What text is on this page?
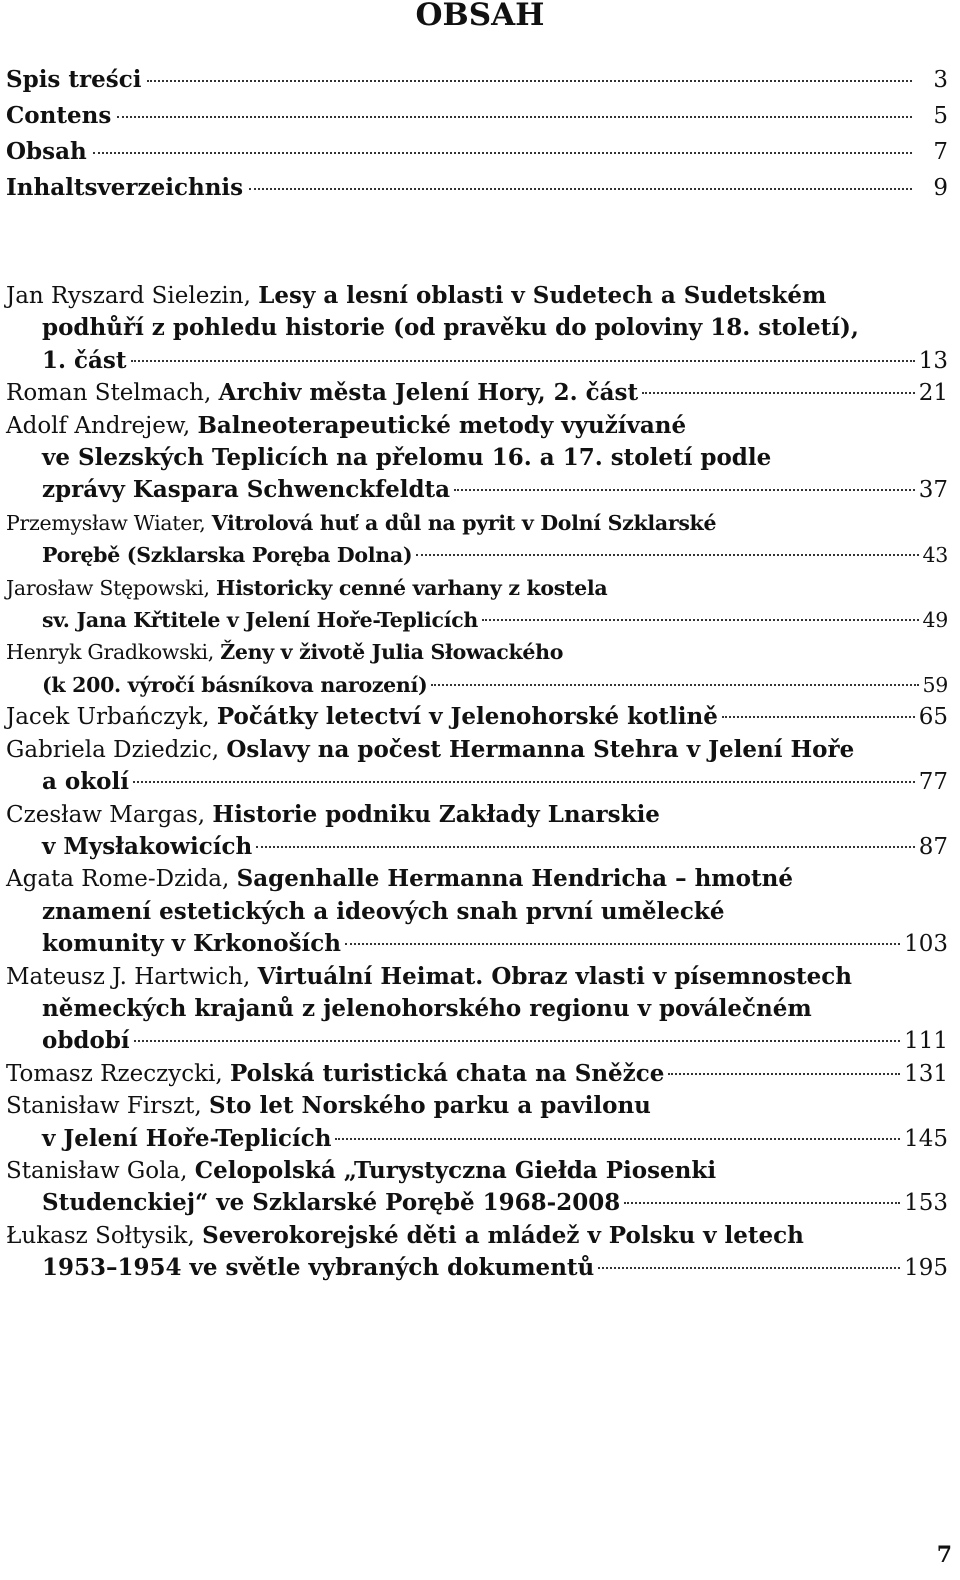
OBSAH
Spis treści	3
Contens	5
Obsah	7
Inhaltsverzeichnis	9
Jan Ryszard Sielezin, Lesy a lesní oblasti v Sudetech a Sudetském
podhůří z pohledu historie (od pravěku do poloviny 18. století),
1. část	13
Roman Stelmach,
Archiv města Jelení Hory, 2. část	21
Adolf Andrejew, Balneoterapeutické metody využívané
ve Slezských Teplicích na přelomu 16. a 17. století podle
zprávy Kaspara Schwenckfeldta	37
Przemysław Wiater, Vitrolová huť a důl na pyrit v Dolní Szklarské
Porębě (Szklarska Poręba Dolna)	43
Jarosław Stępowski, Historicky cenné varhany z kostela
sv. Jana Křtitele v Jelení Hoře-Teplicích	49
Henryk Gradkowski, Ženy v životě Julia Słowackého
(k 200. výročí básníkova narození)	59
Jacek Urbańczyk,
Počátky letectví v Jelenohorské kotlině	65
Gabriela Dziedzic, Oslavy na počest Hermanna Stehra v Jelení Hoře
a okolí	77
Czesław Margas, Historie podniku Zakłady Lnarskie
v Mysłakowicích	87
Agata Rome-Dzida, Sagenhalle Hermanna Hendricha – hmotné
znamení estetických a ideových snah první umělecké
komunity v Krkonoších	103
Mateusz J. Hartwich, Virtuální Heimat. Obraz vlasti v písemnostech
německých krajanů z jelenohorského regionu v poválečném
období	111
Tomasz Rzeczycki,
Polská turistická chata na Sněžce	131
Stanisław Firszt, Sto let Norského parku a pavilonu
v Jelení Hoře-Teplicích	145
Stanisław Gola, Celopolská „Turystyczna Giełda Piosenki
Studenckiej“ ve Szklarské Porębě 1968-2008	153
Łukasz Sołtysik, Severokorejské děti a mládež v Polsku v letech
1953–1954 ve světle vybraných dokumentů	195
7
